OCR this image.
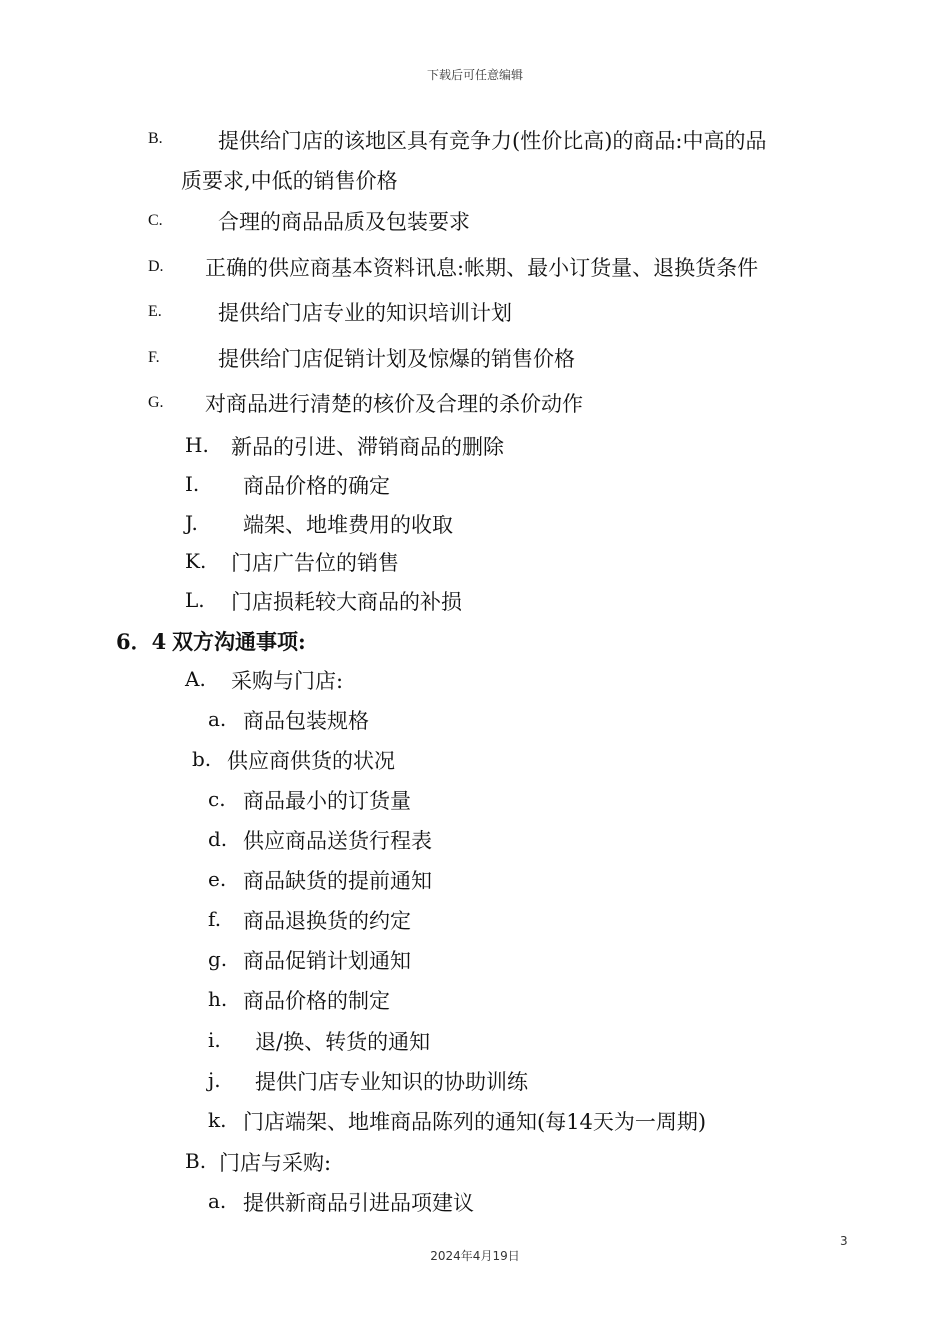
下载后可任意编辑
B.	提供给门店的该地区具有竞争力(性价比高)的商品:中高的品
质要求,中低的销售价格
C.	合理的商品品质及包装要求
D. 正确的供应商基本资料讯息:帐期、最小订货量、退换货条件
E.	提供给门店专业的知识培训计划
F.	提供给门店促销计划及惊爆的销售价格
G. 对商品进行清楚的核价及合理的杀价动作
H. 新品的引进、滞销商品的删除
I. 商品价格的确定
J. 端架、地堆费用的收取
K. 门店广告位的销售
L. 门店损耗较大商品的补损
6．4 双方沟通事项:
A. 采购与门店:
a. 商品包装规格
b. 供应商供货的状况
c. 商品最小的订货量
d. 供应商品送货行程表
e. 商品缺货的提前通知
f. 商品退换货的约定
g. 商品促销计划通知
h. 商品价格的制定
i. 退/换、转货的通知
j. 提供门店专业知识的协助训练
k. 门店端架、地堆商品陈列的通知(每14天为一周期)
B. 门店与采购:
a. 提供新商品引进品项建议
3
2024年4月19日
